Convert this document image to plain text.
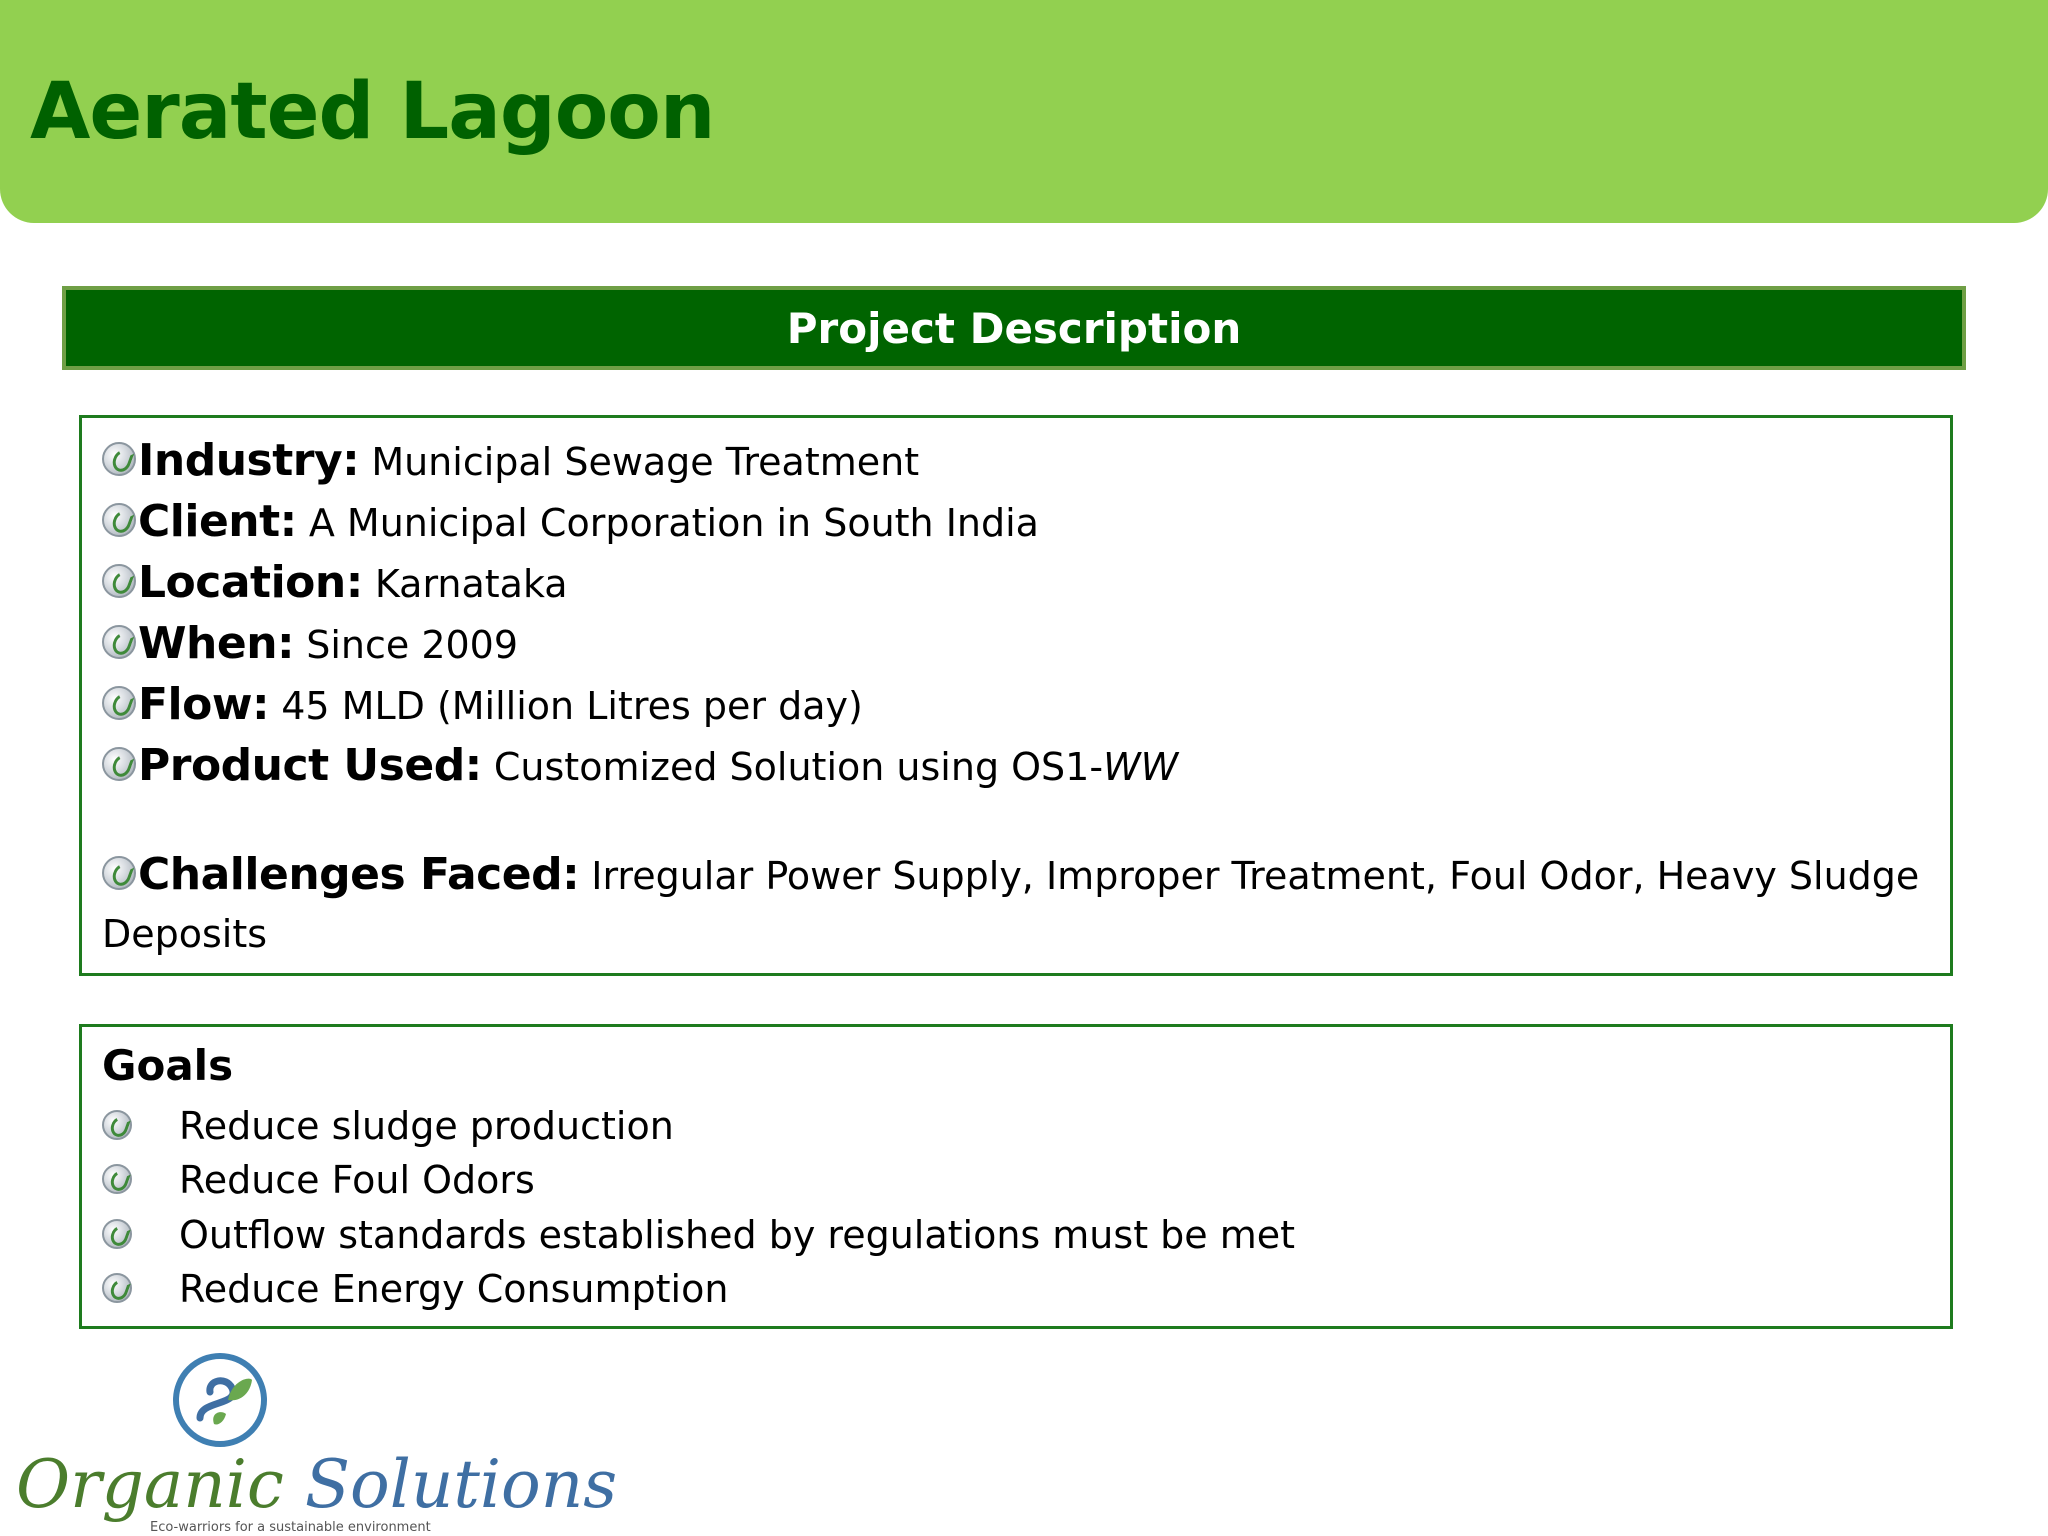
Aerated Lagoon
Project Description
Industry: Municipal Sewage Treatment
Client: A Municipal Corporation in South India
Location: Karnataka
When: Since 2009
Flow: 45 MLD (Million Litres per day)
Product Used: Customized Solution using OS1-WW
Challenges Faced: Irregular Power Supply, Improper Treatment, Foul Odor, Heavy Sludge Deposits
Goals
Reduce sludge production
Reduce Foul Odors
Outflow standards established by regulations must be met
Reduce Energy Consumption
Organic Solutions
Eco-warriors for a sustainable environment
